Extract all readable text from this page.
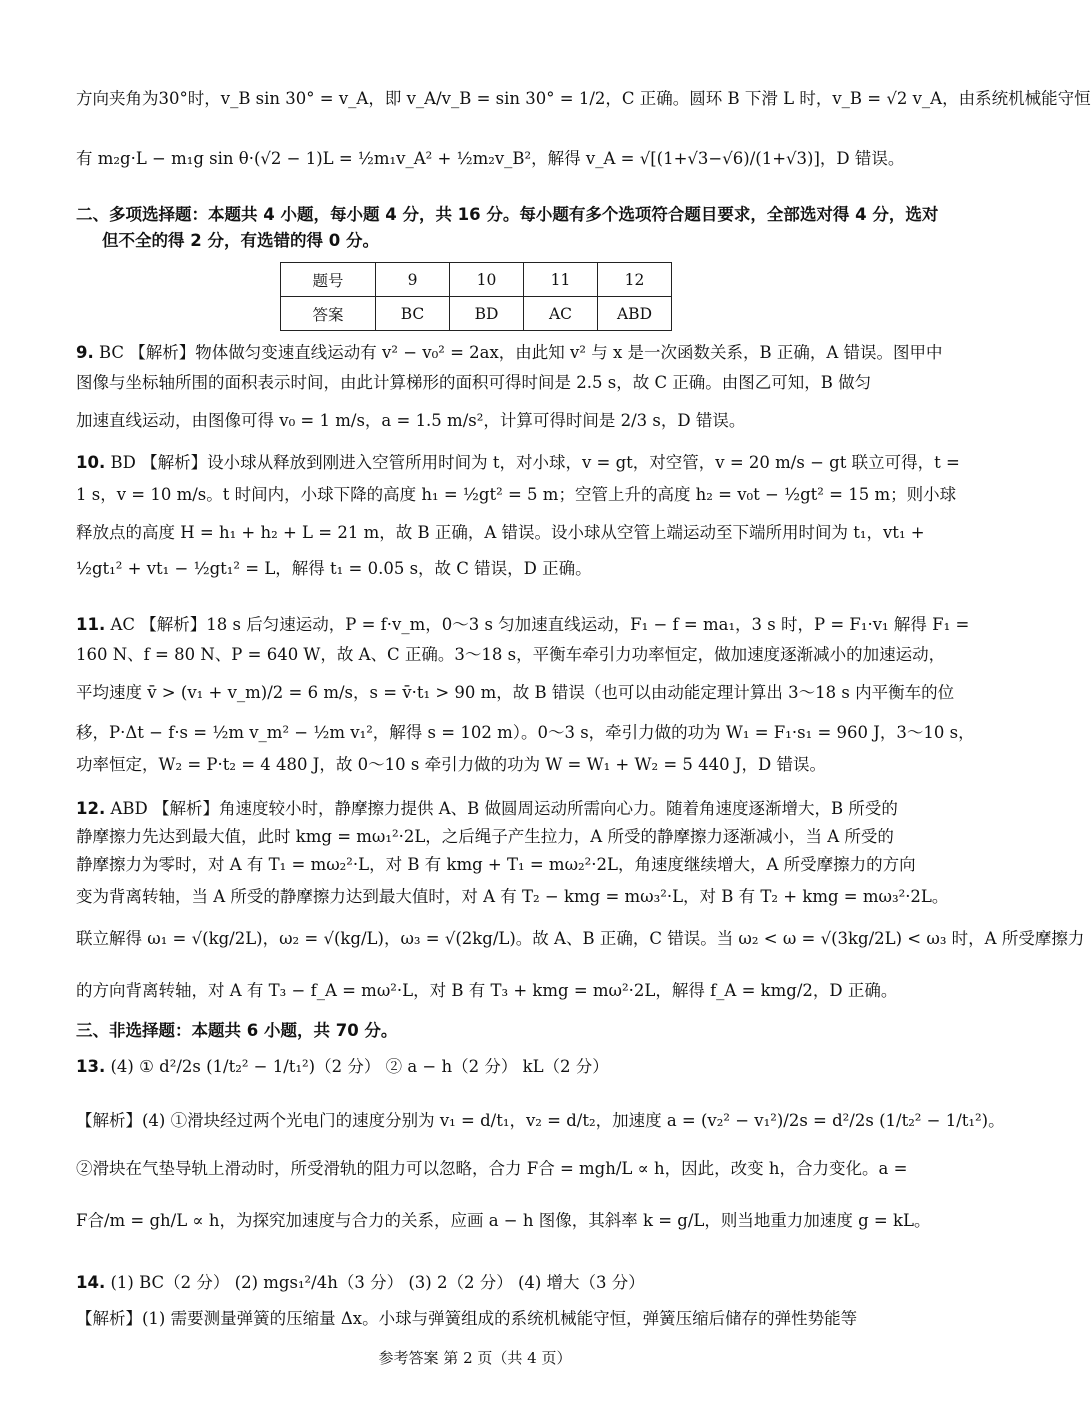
方向夹角为30°时，v_B sin 30° = v_A，即 v_A/v_B = sin 30° = 1/2，C 正确。圆环 B 下滑 L 时，v_B = √2 v_A，由系统机械能守恒

有 m₂g·L − m₁g sin θ·(√2 − 1)L = ½m₁v_A² + ½m₂v_B²，解得 v_A = √[(1+√3−√6)/(1+√3)]，D 错误。

二、多项选择题：本题共 4 小题，每小题 4 分，共 16 分。每小题有多个选项符合题目要求，全部选对得 4 分，选对

但不全的得 2 分，有选错的得 0 分。

题号	9	10	11	12
答案	BC	BD	AC	ABD

9. BC 【解析】物体做匀变速直线运动有 v² − v₀² = 2ax，由此知 v² 与 x 是一次函数关系，B 正确，A 错误。图甲中

图像与坐标轴所围的面积表示时间，由此计算梯形的面积可得时间是 2.5 s，故 C 正确。由图乙可知，B 做匀

加速直线运动，由图像可得 v₀ = 1 m/s，a = 1.5 m/s²，计算可得时间是 2/3 s，D 错误。

10. BD 【解析】设小球从释放到刚进入空管所用时间为 t，对小球，v = gt，对空管，v = 20 m/s − gt 联立可得，t =

1 s，v = 10 m/s。t 时间内，小球下降的高度 h₁ = ½gt² = 5 m；空管上升的高度 h₂ = v₀t − ½gt² = 15 m；则小球

释放点的高度 H = h₁ + h₂ + L = 21 m，故 B 正确，A 错误。设小球从空管上端运动至下端所用时间为 t₁，vt₁ +

½gt₁² + vt₁ − ½gt₁² = L，解得 t₁ = 0.05 s，故 C 错误，D 正确。

11. AC 【解析】18 s 后匀速运动，P = f·v_m，0～3 s 匀加速直线运动，F₁ − f = ma₁，3 s 时，P = F₁·v₁ 解得 F₁ =

160 N、f = 80 N、P = 640 W，故 A、C 正确。3～18 s，平衡车牵引力功率恒定，做加速度逐渐减小的加速运动，

平均速度 v̄ > (v₁ + v_m)/2 = 6 m/s，s = v̄·t₁ > 90 m，故 B 错误（也可以由动能定理计算出 3～18 s 内平衡车的位

移，P·Δt − f·s = ½m v_m² − ½m v₁²，解得 s = 102 m）。0～3 s，牵引力做的功为 W₁ = F₁·s₁ = 960 J，3～10 s，

功率恒定，W₂ = P·t₂ = 4 480 J，故 0～10 s 牵引力做的功为 W = W₁ + W₂ = 5 440 J，D 错误。

12. ABD 【解析】角速度较小时，静摩擦力提供 A、B 做圆周运动所需向心力。随着角速度逐渐增大，B 所受的

静摩擦力先达到最大值，此时 kmg = mω₁²·2L，之后绳子产生拉力，A 所受的静摩擦力逐渐减小，当 A 所受的

静摩擦力为零时，对 A 有 T₁ = mω₂²·L，对 B 有 kmg + T₁ = mω₂²·2L，角速度继续增大，A 所受摩擦力的方向

变为背离转轴，当 A 所受的静摩擦力达到最大值时，对 A 有 T₂ − kmg = mω₃²·L，对 B 有 T₂ + kmg = mω₃²·2L。

联立解得 ω₁ = √(kg/2L)，ω₂ = √(kg/L)，ω₃ = √(2kg/L)。故 A、B 正确，C 错误。当 ω₂ < ω = √(3kg/2L) < ω₃ 时，A 所受摩擦力

的方向背离转轴，对 A 有 T₃ − f_A = mω²·L，对 B 有 T₃ + kmg = mω²·2L，解得 f_A = kmg/2，D 正确。

三、非选择题：本题共 6 小题，共 70 分。

13. (4) ① d²/2s (1/t₂² − 1/t₁²)（2 分） ② a − h（2 分） kL（2 分）

【解析】(4) ①滑块经过两个光电门的速度分别为 v₁ = d/t₁，v₂ = d/t₂，加速度 a = (v₂² − v₁²)/2s = d²/2s (1/t₂² − 1/t₁²)。

②滑块在气垫导轨上滑动时，所受滑轨的阻力可以忽略，合力 F合 = mgh/L ∝ h，因此，改变 h，合力变化。a =

F合/m = gh/L ∝ h，为探究加速度与合力的关系，应画 a − h 图像，其斜率 k = g/L，则当地重力加速度 g = kL。

14. (1) BC（2 分） (2) mgs₁²/4h（3 分） (3) 2（2 分） (4) 增大（3 分）

【解析】(1) 需要测量弹簧的压缩量 Δx。小球与弹簧组成的系统机械能守恒，弹簧压缩后储存的弹性势能等

参考答案 第 2 页（共 4 页）
